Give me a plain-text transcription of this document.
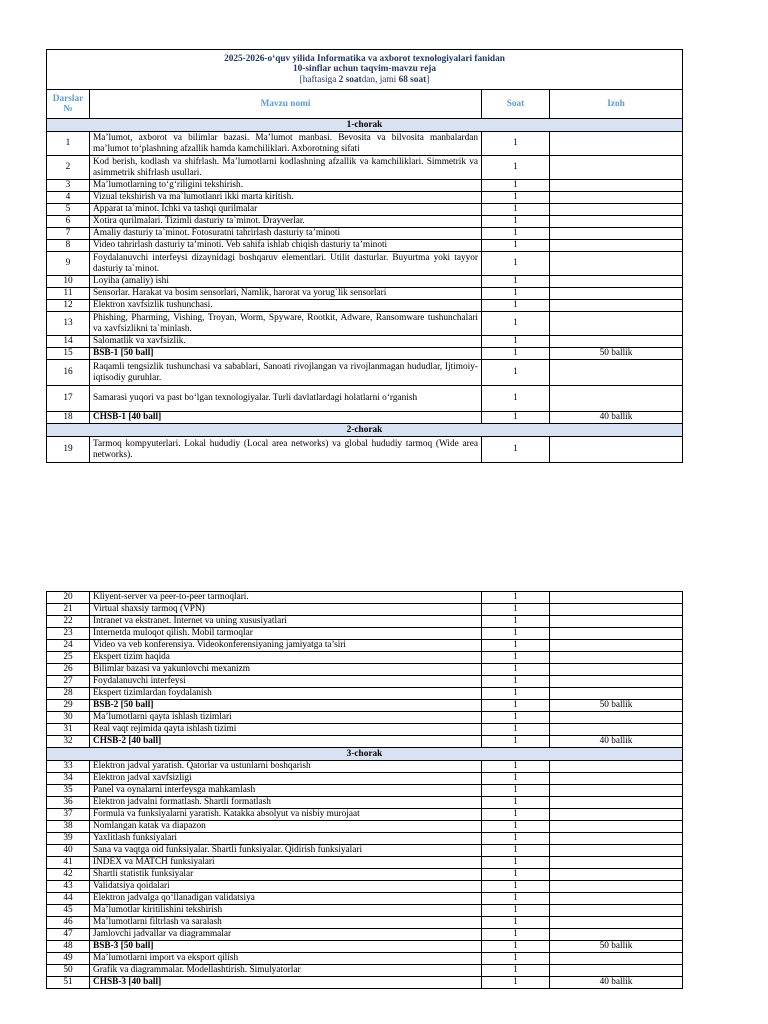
2025-2026-o‘quv yilida Informatika va axborot texnologiyalari fanidan
10-sinflar uchun taqvim-mavzu reja
[haftasiga 2 soatdan, jami 68 soat]			

Darslar №	Mavzu nomi	Soat	Izoh
1-chorak			
1	Ma’lumot, axborot va bilimlar bazasi. Ma’lumot manbasi. Bevosita va bilvosita manbalardan ma’lumot to‘plashning afzallik hamda kamchiliklari. Axborotning sifati	1	
2	Kod berish, kodlash va shifrlash. Ma’lumotlarni kodlashning afzallik va kamchiliklari. Simmetrik va asimmetrik shifrlash usullari.	1	
3	Ma’lumotlarning to‘g‘riligini tekshirish.	1	
4	Vizual tekshirish va ma`lumotlanri ikki marta kiritish.	1	
5	Apparat ta`minot. Ichki va tashqi qurilmalar	1	
6	Xotira qurilmalari. Tizimli dasturiy ta`minot. Drayverlar.	1	
7	Amaliy dasturiy ta`minot. Fotosuratni tahrirlash dasturiy ta’minoti	1	
8	Video tahrirlash dasturiy ta’minoti. Veb sahifa ishlab chiqish dasturiy ta’minoti	1	
9	Foydalanuvchi interfeysi dizaynidagi boshqaruv elementlari. Utilit dasturlar. Buyurtma yoki tayyor dasturiy ta`minot.	1	
10	Loyiha (amaliy) ishi	1	
11	Sensorlar. Harakat va bosim sensorlari, Namlik, harorat va yorug`lik sensorlari	1	
12	Elektron xavfsizlik tushunchasi.	1	
13	Phishing, Pharming, Vishing, Troyan, Worm, Spyware, Rootkit, Adware, Ransomware tushunchalari va xavfsizlikni ta`minlash.	1	
14	Salomatlik va xavfsizlik.	1	
15	BSB-1 [50 ball]	1	50 ballik
16	Raqamli tengsizlik tushunchasi va sabablari, Sanoati rivojlangan va rivojlanmagan hududlar, Ijtimoiy-iqtisodiy guruhlar.	1	
17	Samarasi yuqori va past bo‘lgan texnologiyalar. Turli davlatlardagi holatlarni o‘rganish	1	
18	CHSB-1 [40 ball]	1	40 ballik
2-chorak			
19	Tarmoq kompyuterlari. Lokal hududiy (Local area networks) va global hududiy tarmoq (Wide area networks).	1	
20	Kliyent-server va peer-to-peer tarmoqlari.	1	
21	Virtual shaxsiy tarmoq (VPN)	1	
22	Intranet va ekstranet. Internet va uning xususiyatlari	1	
23	Internetda muloqot qilish. Mobil tarmoqlar	1	
24	Video va veb konferensiya. Videokonferensiyaning jamiyatga ta’siri	1	
25	Ekspert tizim haqida	1	
26	Bilimlar bazasi va yakunlovchi mexanizm	1	
27	Foydalanuvchi interfeysi	1	
28	Ekspert tizimlardan foydalanish	1	
29	BSB-2 [50 ball]	1	50 ballik
30	Ma’lumotlarni qayta ishlash tizimlari	1	
31	Real vaqt rejimida qayta ishlash tizimi	1	
32	CHSB-2 [40 ball]	1	40 ballik
3-chorak			
33	Elektron jadval yaratish. Qatorlar va ustunlarni boshqarish	1	
34	Elektron jadval xavfsizligi	1	
35	Panel va oynalarni interfeysga mahkamlash	1	
36	Elektron jadvalni formatlash. Shartli formatlash	1	
37	Formula va funksiyalarni yaratish. Katakka absolyut va nisbiy murojaat	1	
38	Nomlangan katak va diapazon	1	
39	Yaxlitlash funksiyalari	1	
40	Sana va vaqtga oid funksiyalar. Shartli funksiyalar. Qidirish funksiyalari	1	
41	INDEX va MATCH funksiyalari	1	
42	Shartli statistik funksiyalar	1	
43	Validatsiya qoidalari	1	
44	Elektron jadvalga qo‘llanadigan validatsiya	1	
45	Ma’lumotlar kiritilishini tekshirish	1	
46	Ma’lumotlarni filtrlash va saralash	1	
47	Jamlovchi jadvallar va diagrammalar	1	
48	BSB-3 [50 ball]	1	50 ballik
49	Ma’lumotlarni import va eksport qilish	1	
50	Grafik va diagrammalar. Modellashtirish. Simulyatorlar	1	
51	CHSB-3 [40 ball]	1	40 ballik
